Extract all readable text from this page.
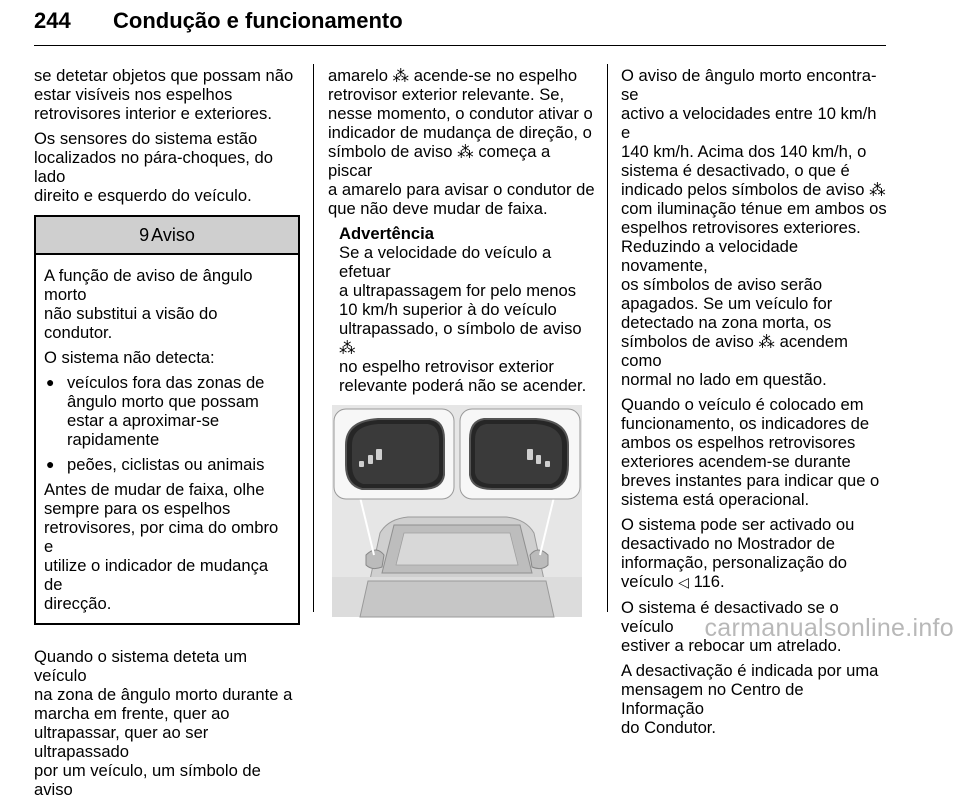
244 Condução e funcionamento

se detetar objetos que possam não
estar visíveis nos espelhos
retrovisores interior e exteriores.

Os sensores do sistema estão
localizados no pára-choques, do lado
direito e esquerdo do veículo.

9 Aviso

A função de aviso de ângulo morto
não substitui a visão do condutor.

O sistema não detecta:

● veículos fora das zonas de
ângulo morto que possam
estar a aproximar-se
rapidamente
● peões, ciclistas ou animais

Antes de mudar de faixa, olhe
sempre para os espelhos
retrovisores, por cima do ombro e
utilize o indicador de mudança de
direcção.

Quando o sistema deteta um veículo
na zona de ângulo morto durante a
marcha em frente, quer ao
ultrapassar, quer ao ser ultrapassado
por um veículo, um símbolo de aviso

amarelo ⁂ acende-se no espelho
retrovisor exterior relevante. Se,
nesse momento, o condutor ativar o
indicador de mudança de direção, o
símbolo de aviso ⁂ começa a piscar
a amarelo para avisar o condutor de
que não deve mudar de faixa.

Advertência

Se a velocidade do veículo a efetuar
a ultrapassagem for pelo menos
10 km/h superior à do veículo
ultrapassado, o símbolo de aviso ⁂
no espelho retrovisor exterior
relevante poderá não se acender.

O aviso de ângulo morto encontra-se
activo a velocidades entre 10 km/h e
140 km/h. Acima dos 140 km/h, o
sistema é desactivado, o que é
indicado pelos símbolos de aviso ⁂
com iluminação ténue em ambos os
espelhos retrovisores exteriores.
Reduzindo a velocidade novamente,
os símbolos de aviso serão
apagados. Se um veículo for
detectado na zona morta, os
símbolos de aviso ⁂ acendem como
normal no lado em questão.

Quando o veículo é colocado em
funcionamento, os indicadores de
ambos os espelhos retrovisores
exteriores acendem-se durante
breves instantes para indicar que o
sistema está operacional.

O sistema pode ser activado ou
desactivado no Mostrador de
informação, personalização do
veículo ◁ 116.

O sistema é desactivado se o veículo
estiver a rebocar um atrelado.

A desactivação é indicada por uma
mensagem no Centro de Informação
do Condutor.

carmanualsonline.info
